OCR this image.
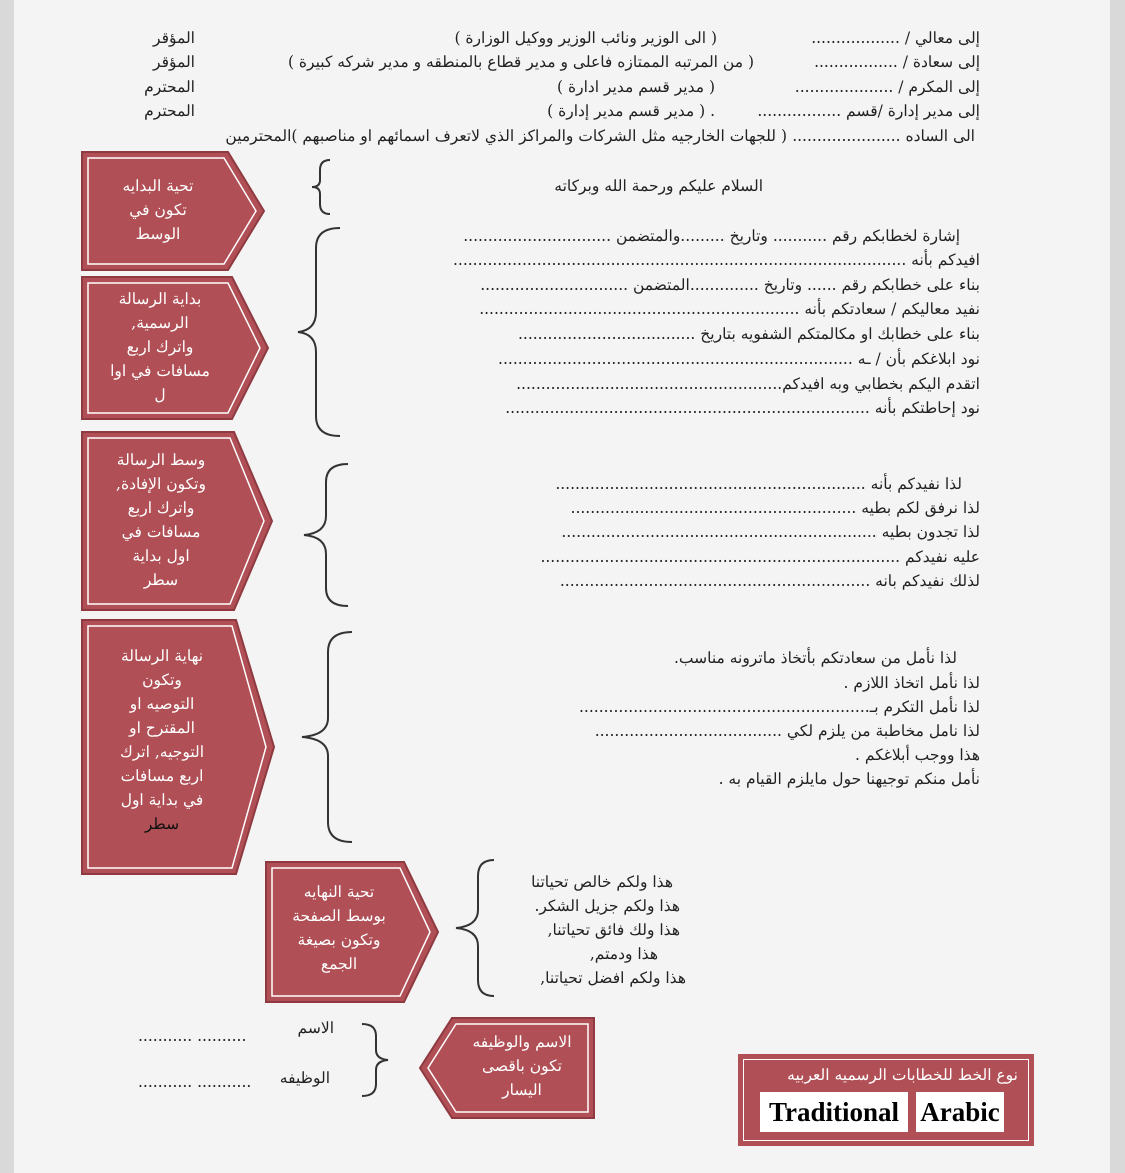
إلى معالي / ..................
( الى الوزير ونائب الوزير ووكيل الوزارة )
المؤقر
إلى سعادة / .................
( من المرتبه الممتازه فاعلى و مدير قطاع بالمنطقه و مدير شركه كبيرة )
المؤقر
إلى المكرم / ....................
( مدير قسم مدير ادارة )
المحترم
إلى مدير إدارة /قسم .................
. ( مدير قسم مدير إدارة )
المحترم
الى الساده ......................
( للجهات الخارجيه مثل الشركات والمراكز الذي لاتعرف اسمائهم او مناصبهم )المحترمين
تحية البدايه
تكون في
الوسط
السلام عليكم ورحمة الله وبركاته
بداية الرسالة
الرسمية,
واترك اربع
مسافات في اوا
ل
إشارة لخطابكم رقم ........... وتاريخ .........والمتضمن ..............................
افيدكم بأنه ............................................................................................
بناء على خطابكم رقم ...... وتاريخ ..............المتضمن ..............................
نفيد معاليكم / سعادتكم بأنه .................................................................
بناء على خطابك او مكالمتكم الشفويه بتاريخ ....................................
نود ابلاغكم بأن / ـه ........................................................................
اتقدم اليكم بخطابي وبه افيدكم......................................................
نود إحاطتكم بأنه ..........................................................................
وسط الرسالة
وتكون الإفادة,
واترك اربع
مسافات في
اول بداية
سطر
لذا نفيدكم بأنه ...............................................................
لذا نرفق لكم بطيه ..........................................................
لذا تجدون بطيه ................................................................
عليه نفيدكم .........................................................................
لذلك نفيدكم بانه ...............................................................
نهاية الرسالة
وتكون
التوصيه او
المقترح او
التوجيه, اترك
اربع مسافات
في بداية اول
سطر
لذا نأمل من سعادتكم بأتخاذ ماترونه مناسب.
لذا نأمل اتخاذ اللازم .
لذا نأمل التكرم بـ...........................................................
لذا نامل مخاطبة من يلزم لكي ......................................
هذا ووجب أبلاغكم .
نأمل منكم توجيهنا حول مايلزم القيام به .
تحية النهايه
بوسط الصفحة
وتكون بصيغة
الجمع
هذا ولكم خالص تحياتنا
هذا ولكم جزيل الشكر.
هذا ولك فائق تحياتنا,
هذا ودمتم,
هذا ولكم افضل تحياتنا,
........... ..........	الاسم
........... ........... الوظيفه
الاسم والوظيفه
تكون باقصى
اليسار
نوع الخط للخطابات الرسميه العربيه
Traditional Arabic
